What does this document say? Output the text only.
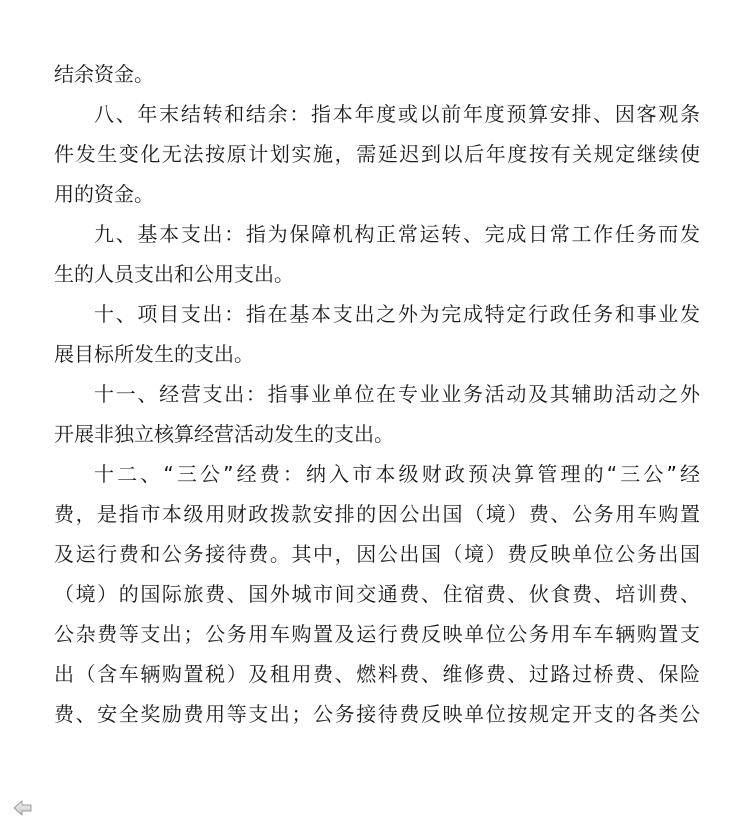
结余资金。
八、年末结转和结余：指本年度或以前年度预算安排、因客观条
件发生变化无法按原计划实施，需延迟到以后年度按有关规定继续使
用的资金。
九、基本支出：指为保障机构正常运转、完成日常工作任务而发
生的人员支出和公用支出。
十、项目支出：指在基本支出之外为完成特定行政任务和事业发
展目标所发生的支出。
十一、经营支出：指事业单位在专业业务活动及其辅助活动之外
开展非独立核算经营活动发生的支出。
十二、“三公”经费：纳入市本级财政预决算管理的“三公”经
费，是指市本级用财政拨款安排的因公出国（境）费、公务用车购置
及运行费和公务接待费。其中，因公出国（境）费反映单位公务出国
（境）的国际旅费、国外城市间交通费、住宿费、伙食费、培训费、
公杂费等支出；公务用车购置及运行费反映单位公务用车车辆购置支
出（含车辆购置税）及租用费、燃料费、维修费、过路过桥费、保险
费、安全奖励费用等支出；公务接待费反映单位按规定开支的各类公
